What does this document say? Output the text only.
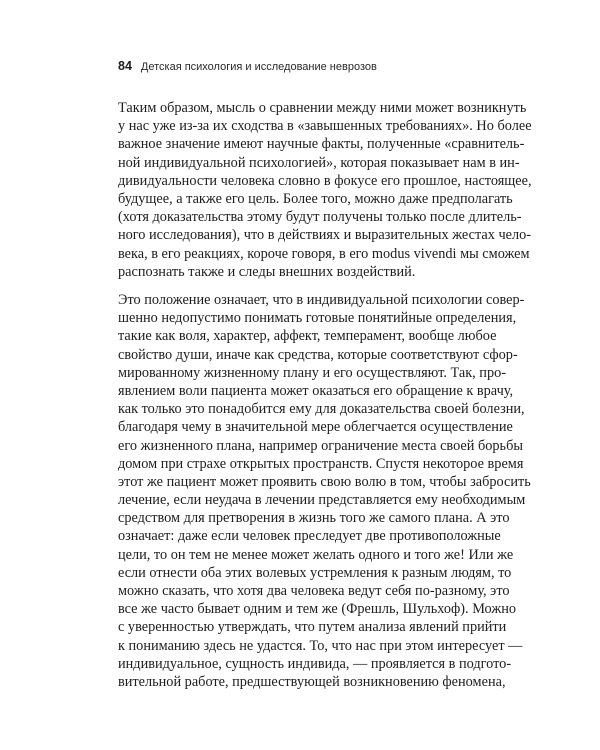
84 Детская психология и исследование неврозов
Таким образом, мысль о сравнении между ними может возникнуть
у нас уже из-за их сходства в «завышенных требованиях». Но более
важное значение имеют научные факты, полученные «сравнитель-
ной индивидуальной психологией», которая показывает нам в ин-
дивидуальности человека словно в фокусе его прошлое, настоящее,
будущее, а также его цель. Более того, можно даже предполагать
(хотя доказательства этому будут получены только после длитель-
ного исследования), что в действиях и выразительных жестах чело-
века, в его реакциях, короче говоря, в его modus vivendi мы сможем
распознать также и следы внешних воздействий.
Это положение означает, что в индивидуальной психологии совер-
шенно недопустимо понимать готовые понятийные определения,
такие как воля, характер, аффект, темперамент, вообще любое
свойство души, иначе как средства, которые соответствуют сфор-
мированному жизненному плану и его осуществляют. Так, про-
явлением воли пациента может оказаться его обращение к врачу,
как только это понадобится ему для доказательства своей болезни,
благодаря чему в значительной мере облегчается осуществление
его жизненного плана, например ограничение места своей борьбы
домом при страхе открытых пространств. Спустя некоторое время
этот же пациент может проявить свою волю в том, чтобы забросить
лечение, если неудача в лечении представляется ему необходимым
средством для претворения в жизнь того же самого плана. А это
означает: даже если человек преследует две противоположные
цели, то он тем не менее может желать одного и того же! Или же
если отнести оба этих волевых устремления к разным людям, то
можно сказать, что хотя два человека ведут себя по-разному, это
все же часто бывает одним и тем же (Фрешль, Шульхоф). Можно
с уверенностью утверждать, что путем анализа явлений прийти
к пониманию здесь не удастся. То, что нас при этом интересует —
индивидуальное, сущность индивида, — проявляется в подгото-
вительной работе, предшествующей возникновению феномена,
